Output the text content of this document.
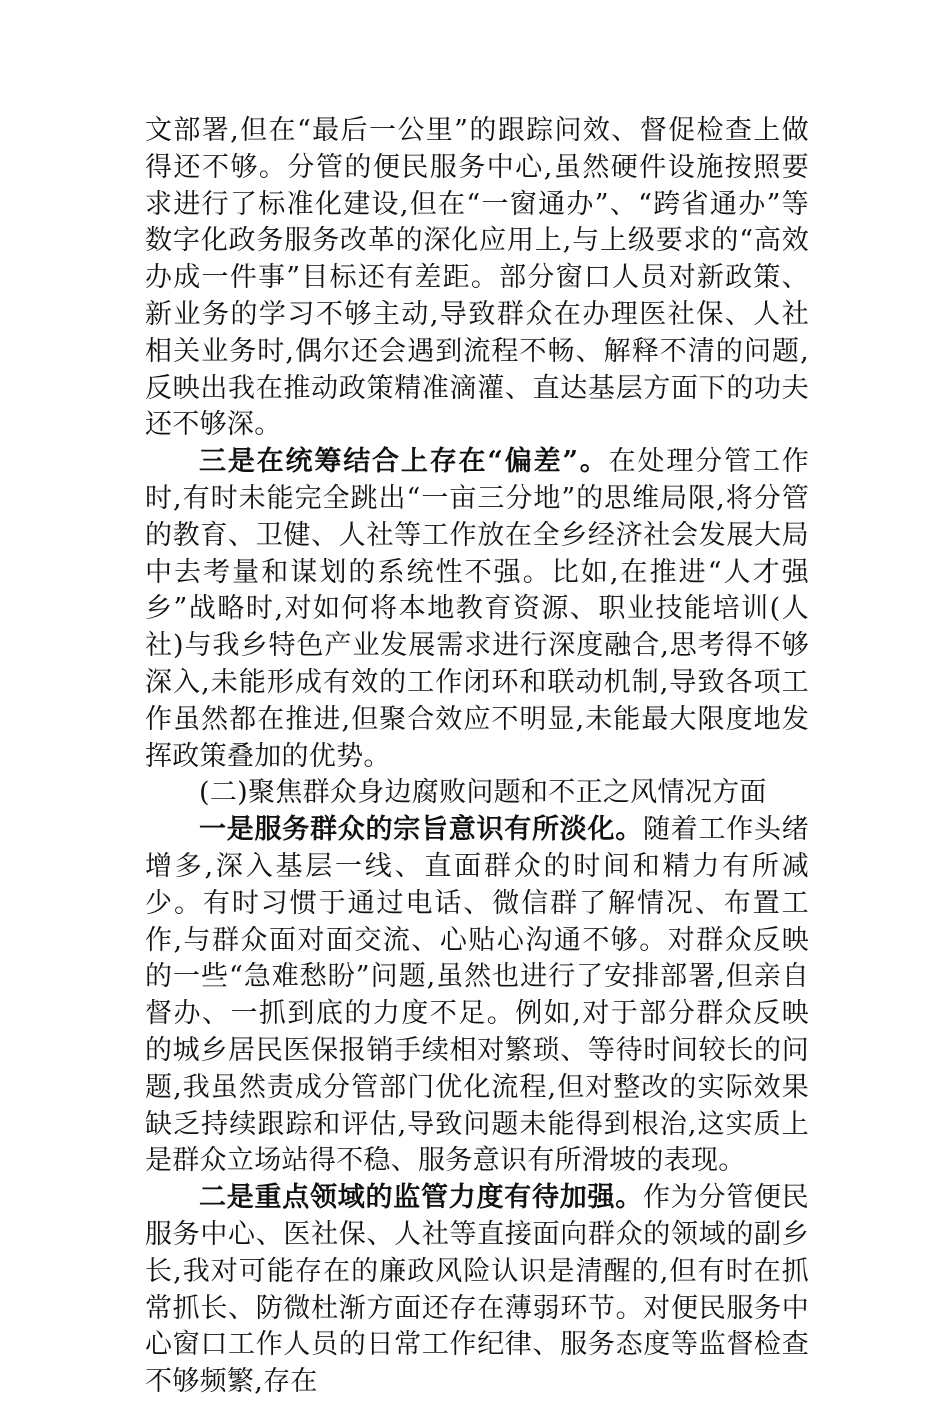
文部署,但在“最后一公里”的跟踪问效、督促检查上做得还不够。分管的便民服务中心,虽然硬件设施按照要求进行了标准化建设,但在“一窗通办”、“跨省通办”等数字化政务服务改革的深化应用上,与上级要求的“高效办成一件事”目标还有差距。部分窗口人员对新政策、新业务的学习不够主动,导致群众在办理医社保、人社相关业务时,偶尔还会遇到流程不畅、解释不清的问题,反映出我在推动政策精准滴灌、直达基层方面下的功夫还不够深。

三是在统筹结合上存在“偏差”。在处理分管工作时,有时未能完全跳出“一亩三分地”的思维局限,将分管的教育、卫健、人社等工作放在全乡经济社会发展大局中去考量和谋划的系统性不强。比如,在推进“人才强乡”战略时,对如何将本地教育资源、职业技能培训(人社)与我乡特色产业发展需求进行深度融合,思考得不够深入,未能形成有效的工作闭环和联动机制,导致各项工作虽然都在推进,但聚合效应不明显,未能最大限度地发挥政策叠加的优势。

(二)聚焦群众身边腐败问题和不正之风情况方面

一是服务群众的宗旨意识有所淡化。随着工作头绪增多,深入基层一线、直面群众的时间和精力有所减少。有时习惯于通过电话、微信群了解情况、布置工作,与群众面对面交流、心贴心沟通不够。对群众反映的一些“急难愁盼”问题,虽然也进行了安排部署,但亲自督办、一抓到底的力度不足。例如,对于部分群众反映的城乡居民医保报销手续相对繁琐、等待时间较长的问题,我虽然责成分管部门优化流程,但对整改的实际效果缺乏持续跟踪和评估,导致问题未能得到根治,这实质上是群众立场站得不稳、服务意识有所滑坡的表现。

二是重点领域的监管力度有待加强。作为分管便民服务中心、医社保、人社等直接面向群众的领域的副乡长,我对可能存在的廉政风险认识是清醒的,但有时在抓常抓长、防微杜渐方面还存在薄弱环节。对便民服务中心窗口工作人员的日常工作纪律、服务态度等监督检查不够频繁,存在
